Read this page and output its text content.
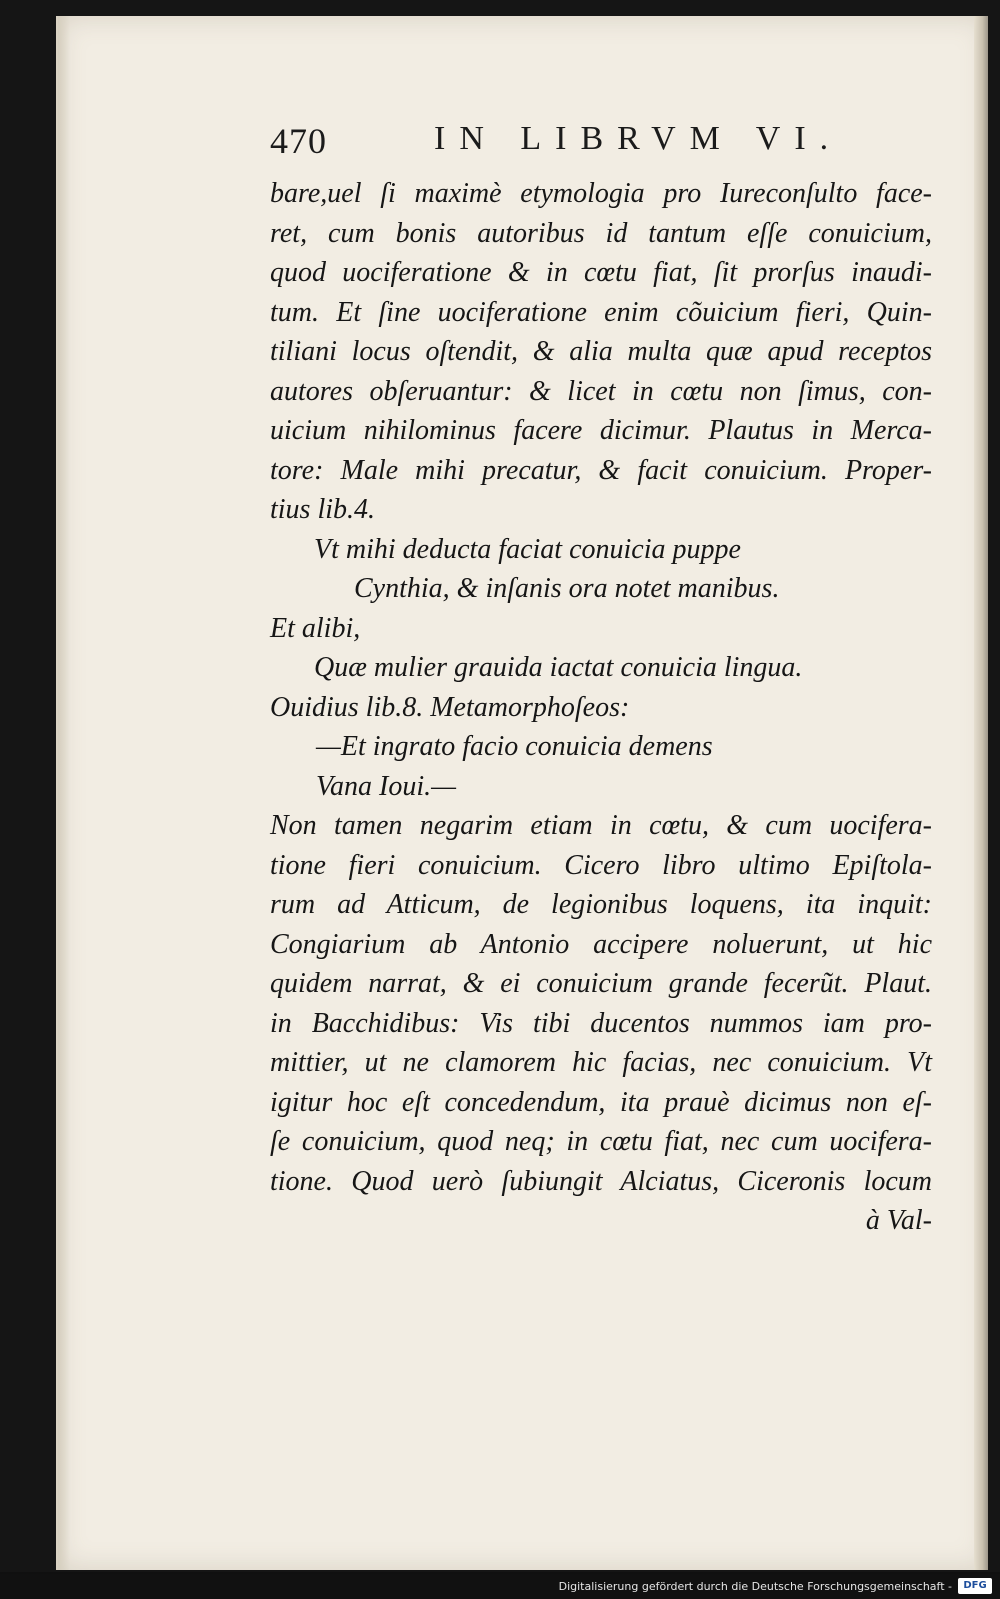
470	IN LIBRVM VI.
bare,uel ſi maximè etymologia pro Iureconſulto face-
ret, cum bonis autoribus id tantum eſſe conuicium,
quod uociferatione & in cœtu fiat, ſit prorſus inaudi-
tum. Et ſine uociferatione enim cõuicium fieri, Quin-
tiliani locus oſtendit, & alia multa quæ apud receptos
autores obſeruantur: & licet in cœtu non ſimus, con-
uicium nihilominus facere dicimur. Plautus in Merca-
tore: Male mihi precatur, & facit conuicium. Proper-
tius lib.4.
Vt mihi deducta faciat conuicia puppe
Cynthia, & inſanis ora notet manibus.
Et alibi,
Quæ mulier grauida iactat conuicia lingua.
Ouidius lib.8. Metamorphoſeos:
—Et ingrato facio conuicia demens
Vana Ioui.—
Non tamen negarim etiam in cœtu, & cum uocifera-
tione fieri conuicium. Cicero libro ultimo Epiſtola-
rum ad Atticum, de legionibus loquens, ita inquit:
Congiarium ab Antonio accipere noluerunt, ut hic
quidem narrat, & ei conuicium grande fecerũt. Plaut.
in Bacchidibus: Vis tibi ducentos nummos iam pro-
mittier, ut ne clamorem hic facias, nec conuicium. Vt
igitur hoc eſt concedendum, ita prauè dicimus non eſ-
ſe conuicium, quod neq; in cœtu fiat, nec cum uocifera-
tione. Quod uerò ſubiungit Alciatus, Ciceronis locum
à Val-
Digitalisierung gefördert durch die Deutsche Forschungsgemeinschaft -	DFG
